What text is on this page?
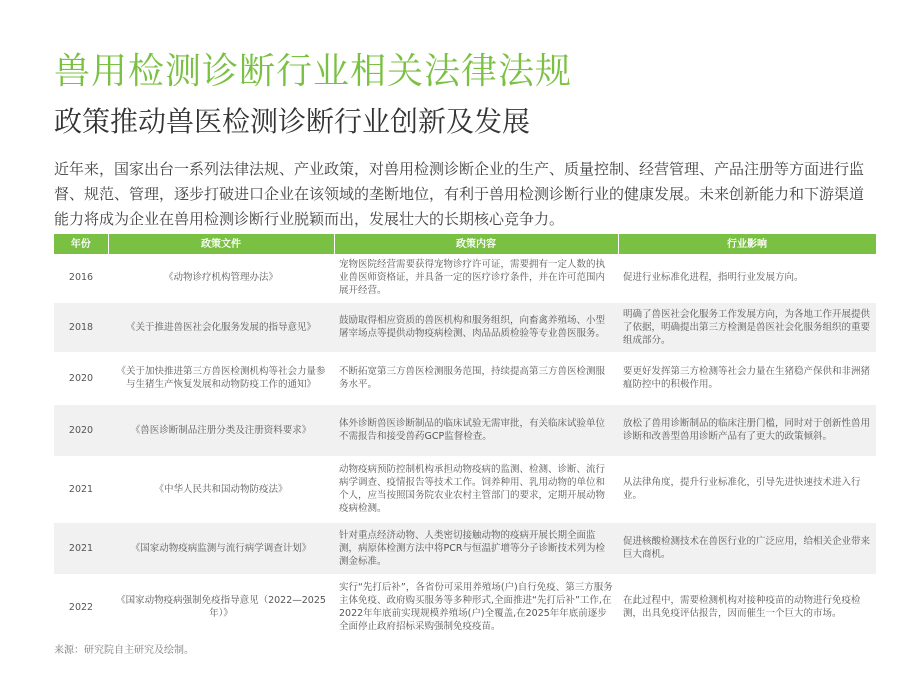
兽用检测诊断行业相关法律法规
政策推动兽医检测诊断行业创新及发展

近年来，国家出台一系列法律法规、产业政策，对兽用检测诊断企业的生产、质量控制、经营管理、产品注册等方面进行监督、规范、管理，逐步打破进口企业在该领域的垄断地位，有利于兽用检测诊断行业的健康发展。未来创新能力和下游渠道能力将成为企业在兽用检测诊断行业脱颖而出，发展壮大的长期核心竞争力。

年份	政策文件	政策内容	行业影响
2016	《动物诊疗机构管理办法》	宠物医院经营需要获得宠物诊疗许可证，需要拥有一定人数的执业兽医师资格证，并具备一定的医疗诊疗条件，并在许可范围内展开经营。	促进行业标准化进程，指明行业发展方向。
2018	《关于推进兽医社会化服务发展的指导意见》	鼓励取得相应资质的兽医机构和服务组织，向畜禽养殖场、小型屠宰场点等提供动物疫病检测、肉品品质检验等专业兽医服务。	明确了兽医社会化服务工作发展方向，为各地工作开展提供了依据，明确提出第三方检测是兽医社会化服务组织的重要组成部分。
2020	《关于加快推进第三方兽医检测机构等社会力量参与生猪生产恢复发展和动物防疫工作的通知》	不断拓宽第三方兽医检测服务范围，持续提高第三方兽医检测服务水平。	要更好发挥第三方检测等社会力量在生猪稳产保供和非洲猪瘟防控中的积极作用。
2020	《兽医诊断制品注册分类及注册资料要求》	体外诊断兽医诊断制品的临床试验无需审批，有关临床试验单位不需报告和接受兽药GCP监督检查。	放松了兽用诊断制品的临床注册门槛，同时对于创新性兽用诊断和改善型兽用诊断产品有了更大的政策倾斜。
2021	《中华人民共和国动物防疫法》	动物疫病预防控制机构承担动物疫病的监测、检测、诊断、流行病学调查、疫情报告等技术工作。饲养种用、乳用动物的单位和个人，应当按照国务院农业农村主管部门的要求，定期开展动物疫病检测。	从法律角度，提升行业标准化，引导先进快速技术进入行业。
2021	《国家动物疫病监测与流行病学调查计划》	针对重点经济动物、人类密切接触动物的疫病开展长期全面监测，病原体检测方法中将PCR与恒温扩增等分子诊断技术列为检测金标准。	促进核酸检测技术在兽医行业的广泛应用，给相关企业带来巨大商机。
2022	《国家动物疫病强制免疫指导意见（2022—2025年）》	实行“先打后补”，各省份可采用养殖场(户)自行免疫、第三方服务主体免疫、政府购买服务等多种形式,全面推进“先打后补”工作,在2022年年底前实现规模养殖场(户)全覆盖,在2025年年底前逐步全面停止政府招标采购强制免疫疫苗。	在此过程中，需要检测机构对接种疫苗的动物进行免疫检测，出具免疫评估报告，因而催生一个巨大的市场。

来源：研究院自主研究及绘制。
